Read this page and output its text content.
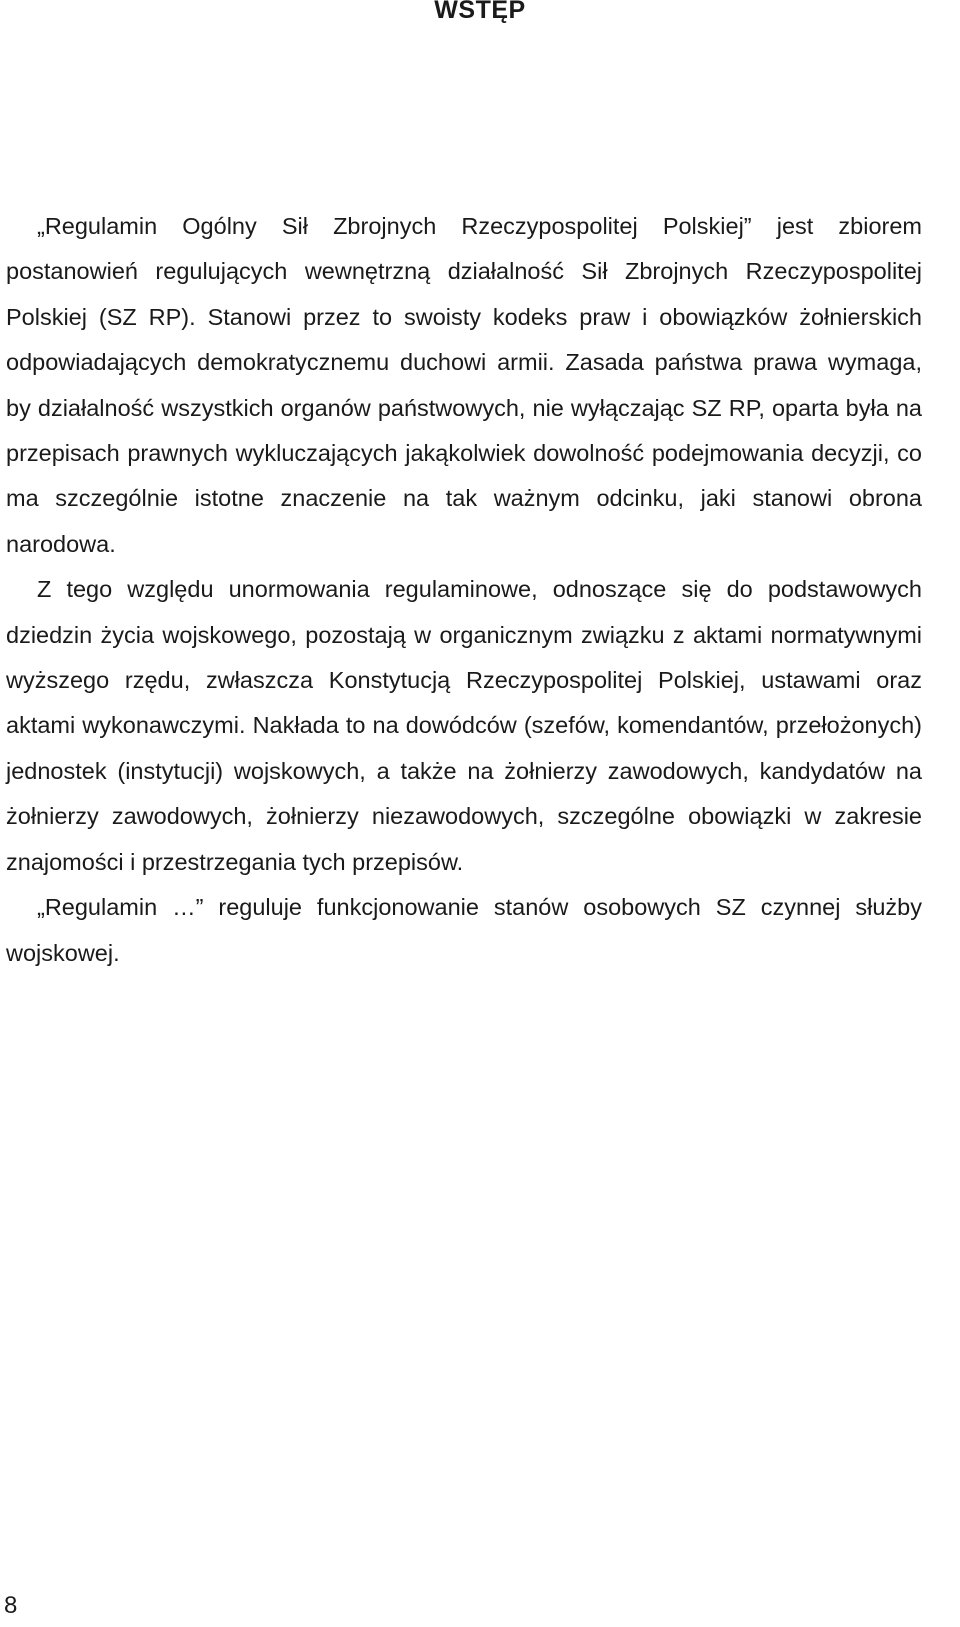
WSTĘP

„Regulamin Ogólny Sił Zbrojnych Rzeczypospolitej Polskiej” jest zbiorem postanowień regulujących wewnętrzną działalność Sił Zbrojnych Rzeczypospolitej Polskiej (SZ RP). Stanowi przez to swoisty kodeks praw i obowiązków żołnierskich odpowiadających demokratycznemu duchowi armii. Zasada państwa prawa wymaga, by działalność wszystkich organów państwowych, nie wyłączając SZ RP, oparta była na przepisach prawnych wykluczających jakąkolwiek dowolność podejmowania decyzji, co ma szczególnie istotne znaczenie na tak ważnym odcinku, jaki stanowi obrona narodowa.

Z tego względu unormowania regulaminowe, odnoszące się do podstawowych dziedzin życia wojskowego, pozostają w organicznym związku z aktami normatywnymi wyższego rzędu, zwłaszcza Konstytucją Rzeczypospolitej Polskiej, ustawami oraz aktami wykonawczymi. Nakłada to na dowódców (szefów, komendantów, przełożonych) jednostek (instytucji) wojskowych, a także na żołnierzy zawodowych, kandydatów na żołnierzy zawodowych, żołnierzy niezawodowych, szczególne obowiązki w zakresie znajomości i przestrzegania tych przepisów.

„Regulamin …” reguluje funkcjonowanie stanów osobowych SZ czynnej służby wojskowej.

8
